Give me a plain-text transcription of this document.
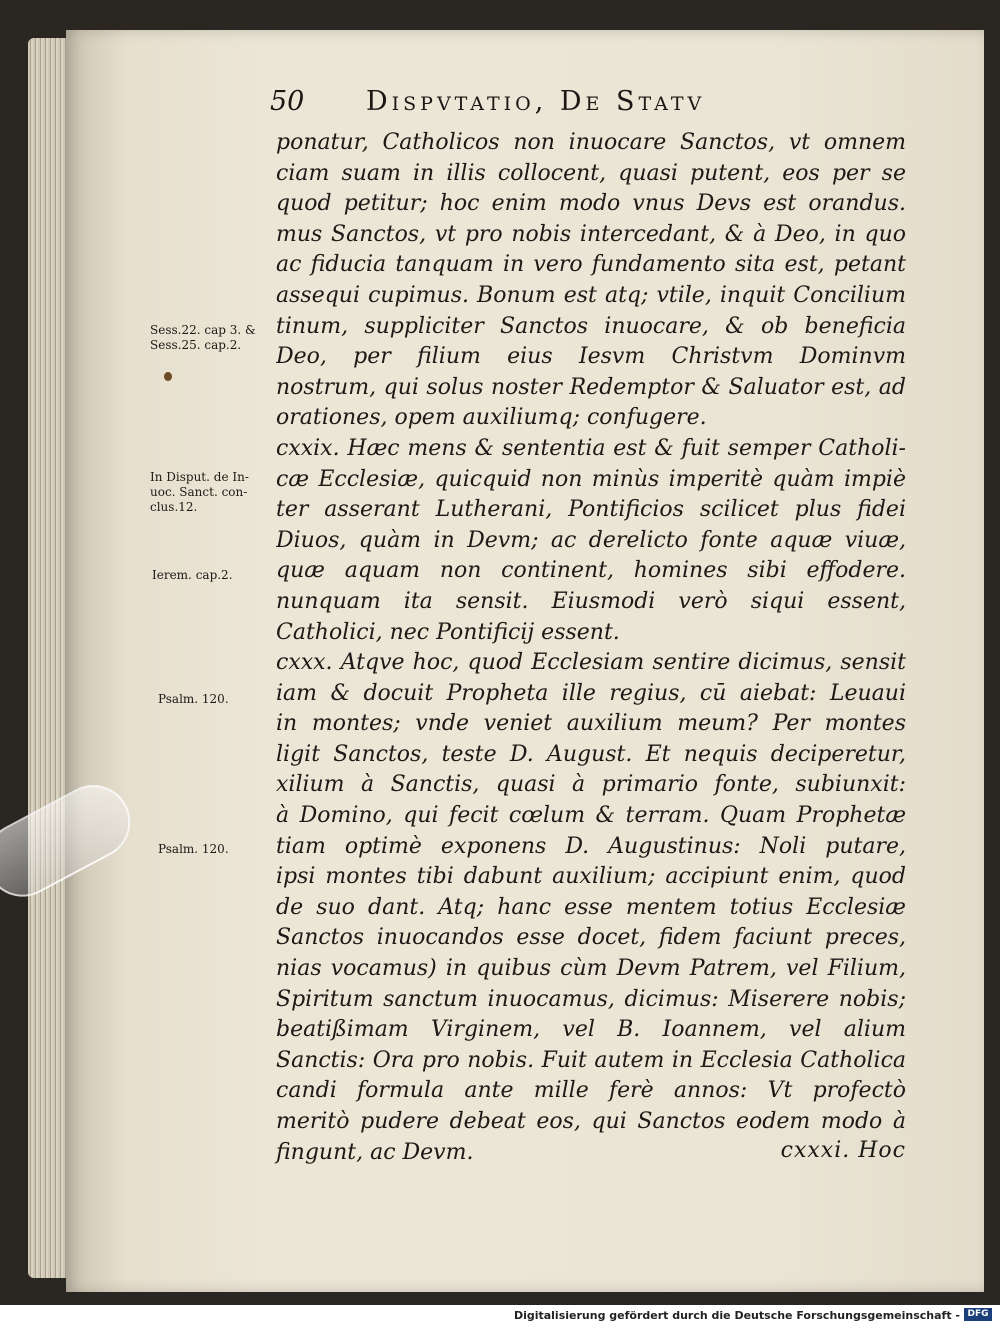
50 Dispvtatio, De Statv
ponatur, Catholicos non inuocare Sanctos, vt omnem
ciam suam in illis collocent, quasi putent, eos per se
quod petitur; hoc enim modo vnus Devs est orandus.
mus Sanctos, vt pro nobis intercedant, & à Deo, in quo
ac fiducia tanquam in vero fundamento sita est, petant
assequi cupimus. Bonum est atq; vtile, inquit Concilium
tinum, suppliciter Sanctos inuocare, & ob beneficia
Deo, per filium eius Iesvm Christvm Dominvm
nostrum, qui solus noster Redemptor & Saluator est, ad
orationes, opem auxiliumq; confugere.
cxxix. Hæc mens & sententia est & fuit semper Catholi-
cæ Ecclesiæ, quicquid non minùs imperitè quàm impiè
ter asserant Lutherani, Pontificios scilicet plus fidei
Diuos, quàm in Devm; ac derelicto fonte aquæ viuæ,
quæ aquam non continent, homines sibi effodere.
nunquam ita sensit. Eiusmodi verò siqui essent,
Catholici, nec Pontificij essent.
cxxx. Atqve hoc, quod Ecclesiam sentire dicimus, sensit
iam & docuit Propheta ille regius, cū aiebat: Leuaui
in montes; vnde veniet auxilium meum? Per montes
ligit Sanctos, teste D. August. Et nequis deciperetur,
xilium à Sanctis, quasi à primario fonte, subiunxit:
à Domino, qui fecit cœlum & terram. Quam Prophetæ
tiam optimè exponens D. Augustinus: Noli putare,
ipsi montes tibi dabunt auxilium; accipiunt enim, quod
de suo dant. Atq; hanc esse mentem totius Ecclesiæ
Sanctos inuocandos esse docet, fidem faciunt preces,
nias vocamus) in quibus cùm Devm Patrem, vel Filium,
Spiritum sanctum inuocamus, dicimus: Miserere nobis;
beatißimam Virginem, vel B. Ioannem, vel alium
Sanctis: Ora pro nobis. Fuit autem in Ecclesia Catholica
candi formula ante mille ferè annos: Vt profectò
meritò pudere debeat eos, qui Sanctos eodem modo à
fingunt, ac Devm.	cxxxi. Hoc
Sess.22. cap 3. & Sess.25. cap.2.
In Disput. de In-uoc. Sanct. con-clus.12.
Ierem. cap.2.
Psalm. 120.
Psalm. 120.
Digitalisierung gefördert durch die Deutsche Forschungsgemeinschaft - DFG
